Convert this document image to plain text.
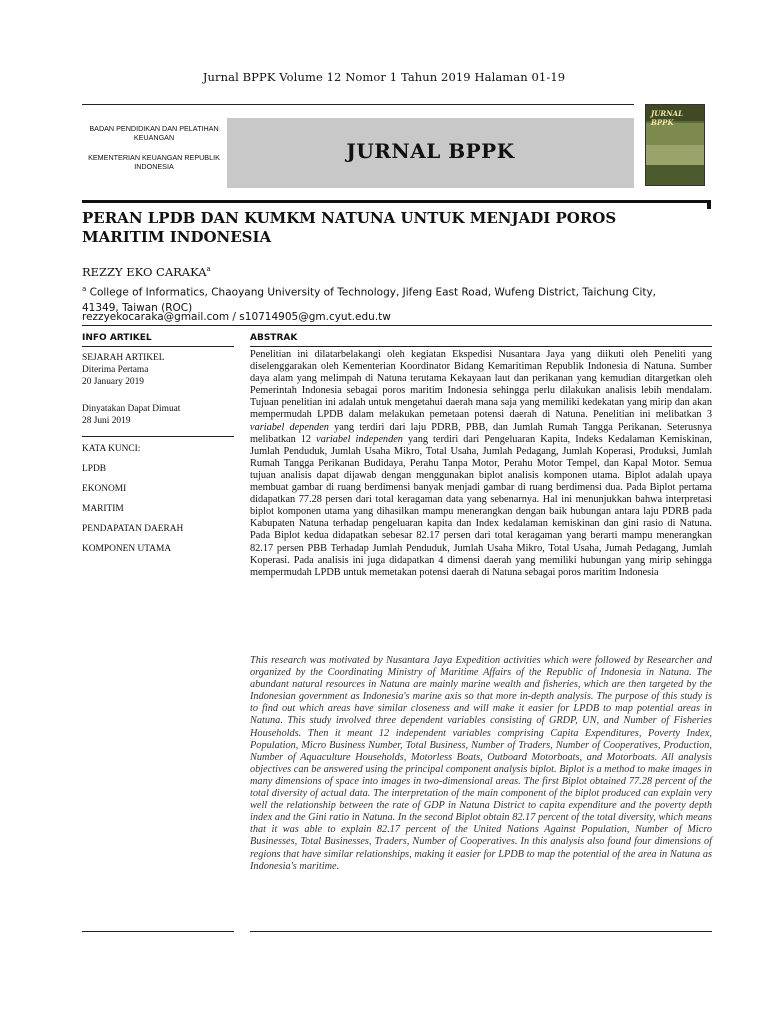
Jurnal BPPK Volume 12 Nomor 1 Tahun 2019 Halaman 01-19
BADAN PENDIDIKAN DAN PELATIHAN KEUANGAN
KEMENTERIAN KEUANGAN REPUBLIK INDONESIA
JURNAL BPPK
JURNAL BPPK
PERAN LPDB DAN KUMKM NATUNA UNTUK MENJADI POROS MARITIM INDONESIA
REZZY EKO CARAKA$^a$
$^a$ College of Informatics, Chaoyang University of Technology, Jifeng East Road, Wufeng District, Taichung City, 41349, Taiwan (ROC)
rezzyekocaraka@gmail.com / s10714905@gm.cyut.edu.tw
INFO ARTIKEL
SEJARAH ARTIKEL
Diterima Pertama
20 January 2019
Dinyatakan Dapat Dimuat
28 Juni 2019
KATA KUNCI:
LPDB
EKONOMI
MARITIM
PENDAPATAN DAERAH
KOMPONEN UTAMA
ABSTRAK
Penelitian ini dilatarbelakangi oleh kegiatan Ekspedisi Nusantara Jaya yang diikuti oleh Peneliti yang diselenggarakan oleh Kementerian Koordinator Bidang Kemaritiman Republik Indonesia di Natuna. Sumber daya alam yang melimpah di Natuna terutama Kekayaan laut dan perikanan yang kemudian ditargetkan oleh Pemerintah Indonesia sebagai poros maritim Indonesia sehingga perlu dilakukan analisis lebih mendalam. Tujuan penelitian ini adalah untuk mengetahui daerah mana saja yang memiliki kedekatan yang mirip dan akan mempermudah LPDB dalam melakukan pemetaan potensi daerah di Natuna. Penelitian ini melibatkan 3 variabel dependen yang terdiri dari laju PDRB, PBB, dan Jumlah Rumah Tangga Perikanan. Seterusnya melibatkan 12 variabel independen yang terdiri dari Pengeluaran Kapita, Indeks Kedalaman Kemiskinan, Jumlah Penduduk, Jumlah Usaha Mikro, Total Usaha, Jumlah Pedagang, Jumlah Koperasi, Produksi, Jumlah Rumah Tangga Perikanan Budidaya, Perahu Tanpa Motor, Perahu Motor Tempel, dan Kapal Motor. Semua tujuan analisis dapat dijawab dengan menggunakan biplot analisis komponen utama. Biplot adalah upaya membuat gambar di ruang berdimensi banyak menjadi gambar di ruang berdimensi dua. Pada Biplot pertama didapatkan 77.28 persen dari total keragaman data yang sebenarnya. Hal ini menunjukkan bahwa interpretasi biplot komponen utama yang dihasilkan mampu menerangkan dengan baik hubungan antara laju PDRB pada Kabupaten Natuna terhadap pengeluaran kapita dan Index kedalaman kemiskinan dan gini rasio di Natuna. Pada Biplot kedua didapatkan sebesar 82.17 persen dari total keragaman yang berarti mampu menerangkan 82.17 persen PBB Terhadap Jumlah Penduduk, Jumlah Usaha Mikro, Total Usaha, Jumah Pedagang, Jumlah Koperasi. Pada analisis ini juga didapatkan 4 dimensi daerah yang memiliki hubungan yang mirip sehingga mempermudah LPDB untuk memetakan potensi daerah di Natuna sebagai poros maritim Indonesia
This research was motivated by Nusantara Jaya Expedition activities which were followed by Researcher and organized by the Coordinating Ministry of Maritime Affairs of the Republic of Indonesia in Natuna. The abundant natural resources in Natuna are mainly marine wealth and fisheries, which are then targeted by the Indonesian government as Indonesia's marine axis so that more in-depth analysis. The purpose of this study is to find out which areas have similar closeness and will make it easier for LPDB to map potential areas in Natuna. This study involved three dependent variables consisting of GRDP, UN, and Number of Fisheries Households. Then it meant 12 independent variables comprising Capita Expenditures, Poverty Index, Population, Micro Business Number, Total Business, Number of Traders, Number of Cooperatives, Production, Number of Aquaculture Households, Motorless Boats, Outboard Motorboats, and Motorboats. All analysis objectives can be answered using the principal component analysis biplot. Biplot is a method to make images in many dimensions of space into images in two-dimensional areas. The first Biplot obtained 77.28 percent of the total diversity of actual data. The interpretation of the main component of the biplot produced can explain very well the relationship between the rate of GDP in Natuna District to capita expenditure and the poverty depth index and the Gini ratio in Natuna. In the second Biplot obtain 82.17 percent of the total diversity, which means that it was able to explain 82.17 percent of the United Nations Against Population, Number of Micro Businesses, Total Businesses, Traders, Number of Cooperatives. In this analysis also found four dimensions of regions that have similar relationships, making it easier for LPDB to map the potential of the area in Natuna as Indonesia's maritime.
